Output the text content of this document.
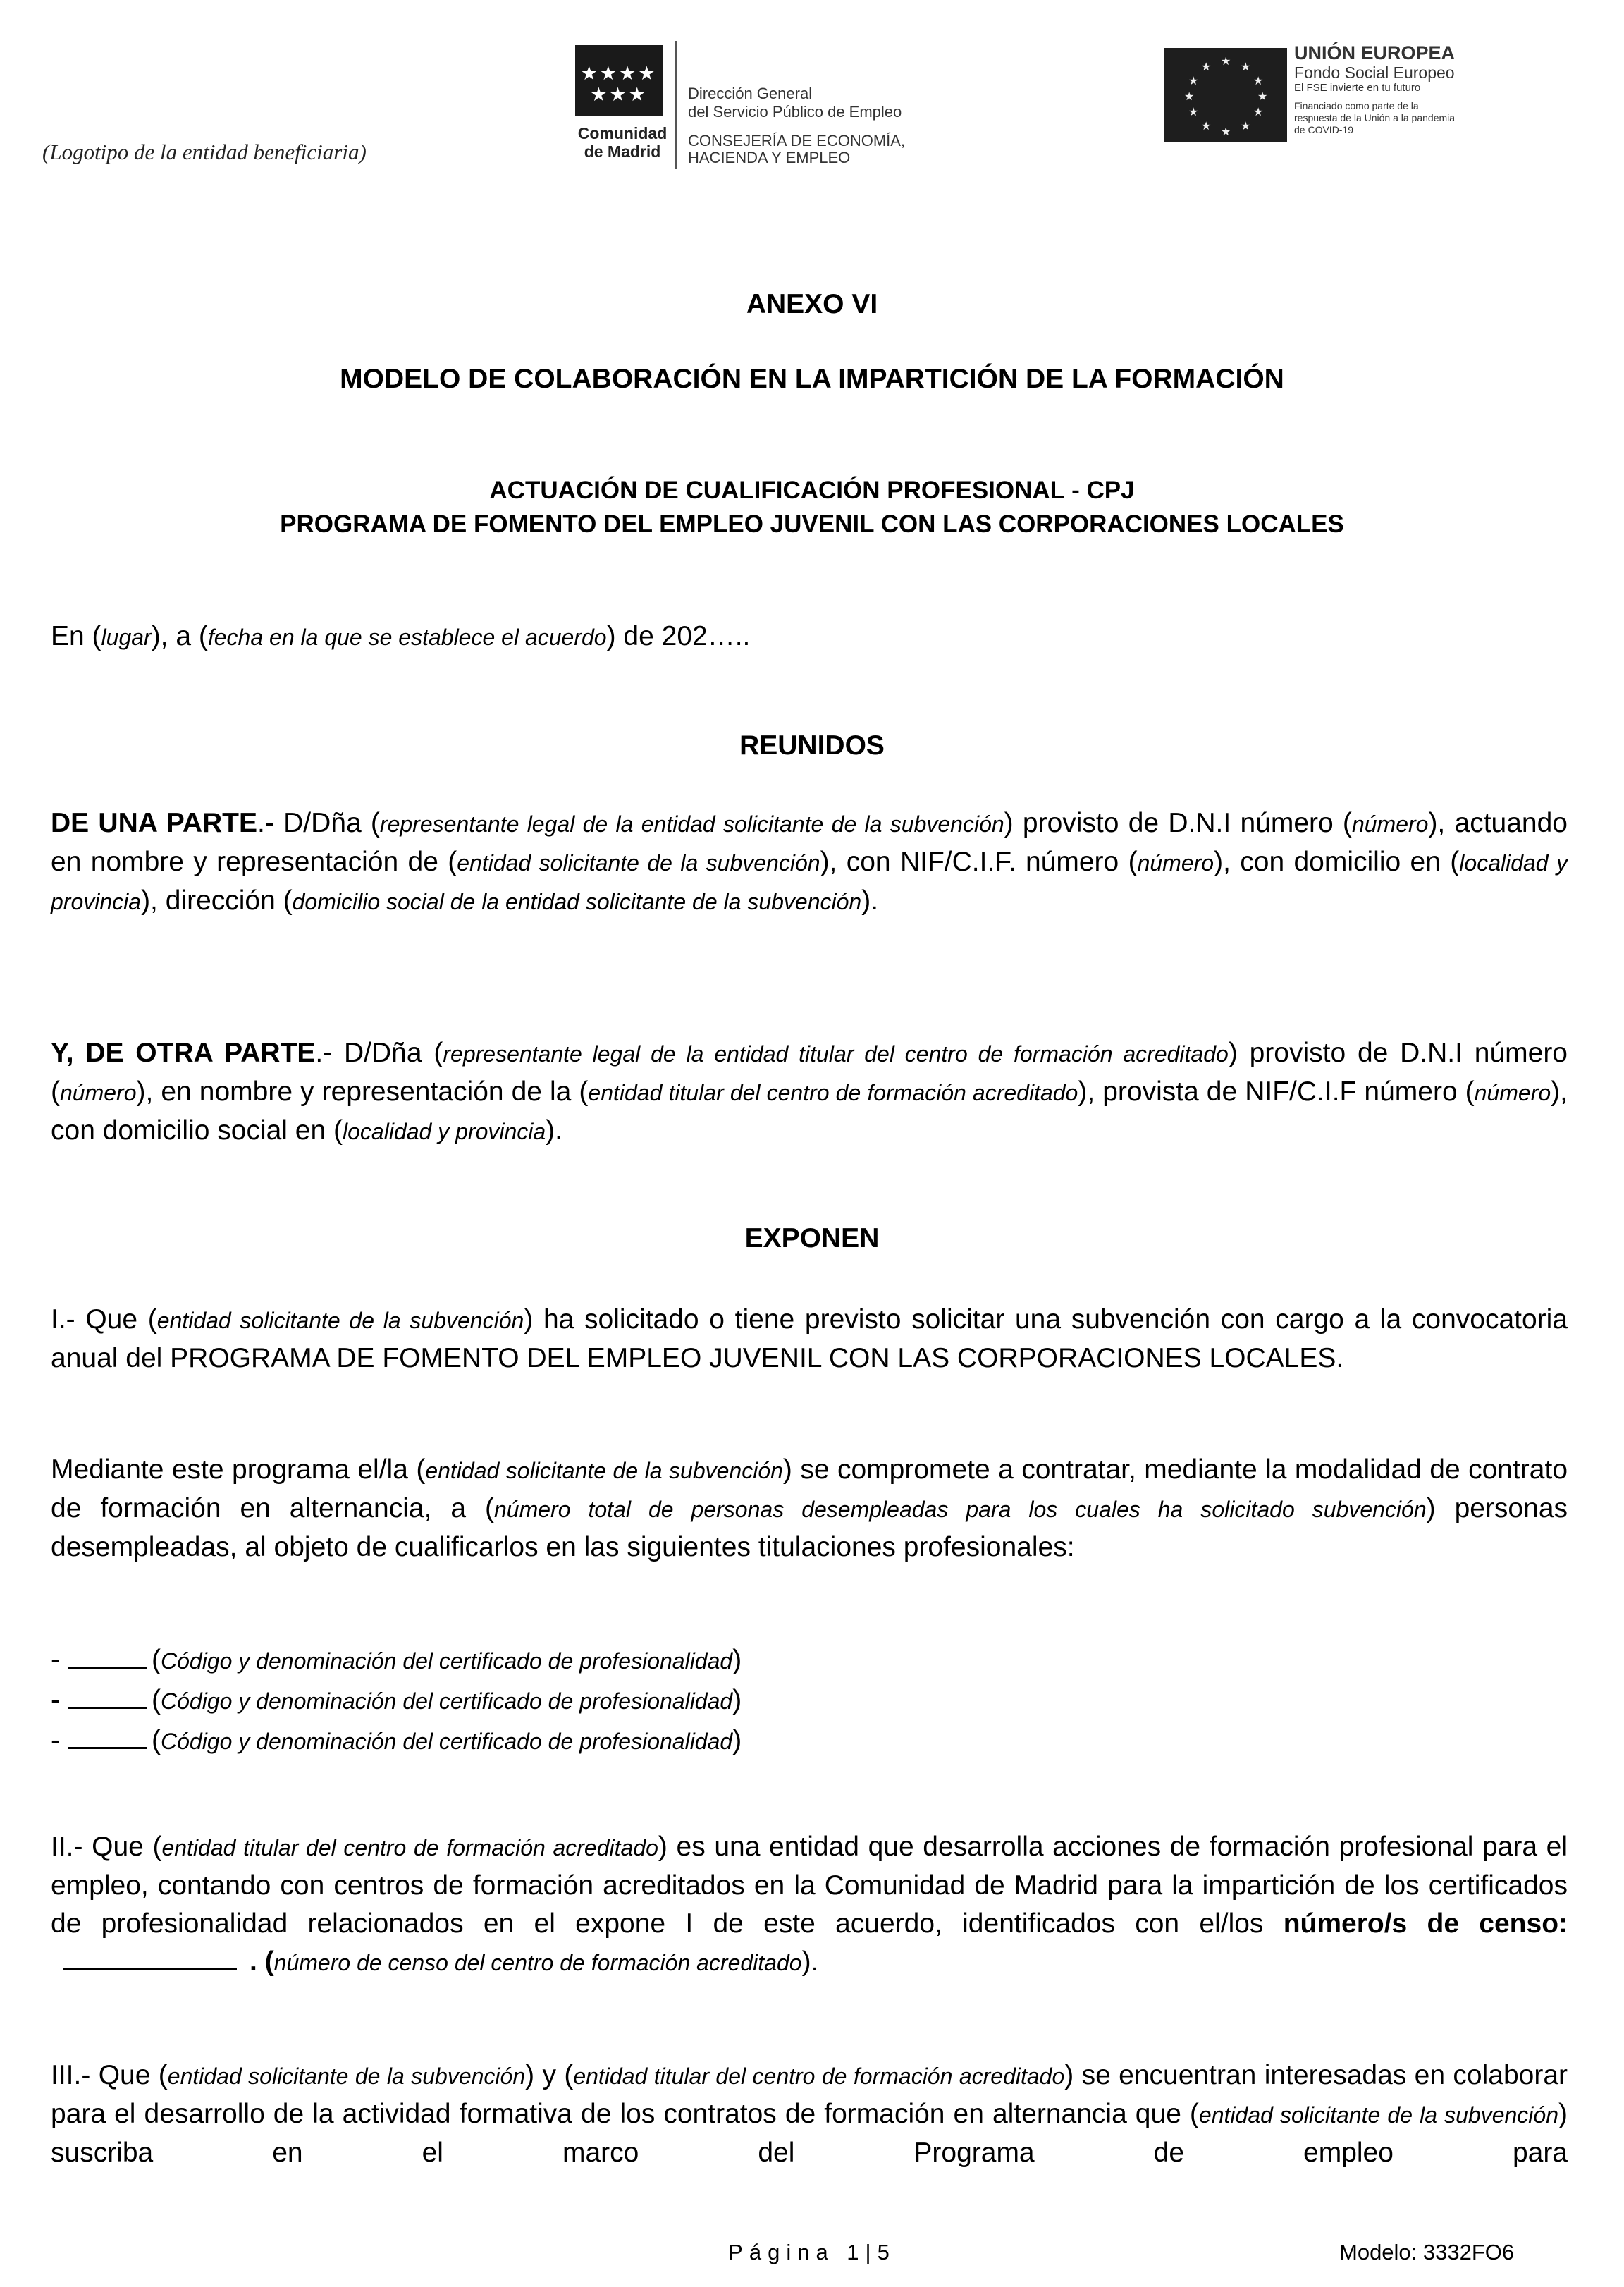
(Logotipo de la entidad beneficiaria)
★★★★
★★★
Comunidad
de Madrid
Dirección General
del Servicio Público de Empleo
CONSEJERÍA DE ECONOMÍA,
HACIENDA Y EMPLEO
★ ★
★
★
★
★
★
★
★
★
★
★
UNIÓN EUROPEA
Fondo Social Europeo
El FSE invierte en tu futuro
Financiado como parte de la respuesta de la Unión a la pandemia de COVID-19
ANEXO VI
MODELO DE COLABORACIÓN EN LA IMPARTICIÓN DE LA FORMACIÓN
ACTUACIÓN DE CUALIFICACIÓN PROFESIONAL - CPJ
PROGRAMA DE FOMENTO DEL EMPLEO JUVENIL CON LAS CORPORACIONES LOCALES
En (lugar), a (fecha en la que se establece el acuerdo) de 202…..
REUNIDOS
DE UNA PARTE.- D/Dña (representante legal de la entidad solicitante de la subvención) provisto de D.N.I número (número), actuando en nombre y representación de (entidad solicitante de la subvención), con NIF/C.I.F. número (número), con domicilio en (localidad y provincia), dirección (domicilio social de la entidad solicitante de la subvención).
Y, DE OTRA PARTE.- D/Dña (representante legal de la entidad titular del centro de formación acreditado) provisto de D.N.I número (número), en nombre y representación de la (entidad titular del centro de formación acreditado), provista de NIF/C.I.F número (número), con domicilio social en (localidad y provincia).
EXPONEN
I.- Que (entidad solicitante de la subvención) ha solicitado o tiene previsto solicitar una subvención con cargo a la convocatoria anual del PROGRAMA DE FOMENTO DEL EMPLEO JUVENIL CON LAS CORPORACIONES LOCALES.
Mediante este programa el/la (entidad solicitante de la subvención) se compromete a contratar, mediante la modalidad de contrato de formación en alternancia, a (número total de personas desempleadas para los cuales ha solicitado subvención) personas desempleadas, al objeto de cualificarlos en las siguientes titulaciones profesionales:
-	(Código y denominación del certificado de profesionalidad)
-	(Código y denominación del certificado de profesionalidad)
-	(Código y denominación del certificado de profesionalidad)
II.- Que (entidad titular del centro de formación acreditado) es una entidad que desarrolla acciones de formación profesional para el empleo, contando con centros de formación acreditados en la Comunidad de Madrid para la impartición de los certificados de profesionalidad relacionados en el expone I de este acuerdo, identificados con el/los número/s de censo:. (número de censo del centro de formación acreditado).
III.- Que (entidad solicitante de la subvención) y (entidad titular del centro de formación acreditado) se encuentran interesadas en colaborar para el desarrollo de la actividad formativa de los contratos de formación en alternancia que (entidad solicitante de la subvención) suscriba en el marco del Programa de empleo para
Página 1|5	Modelo: 3332FO6
